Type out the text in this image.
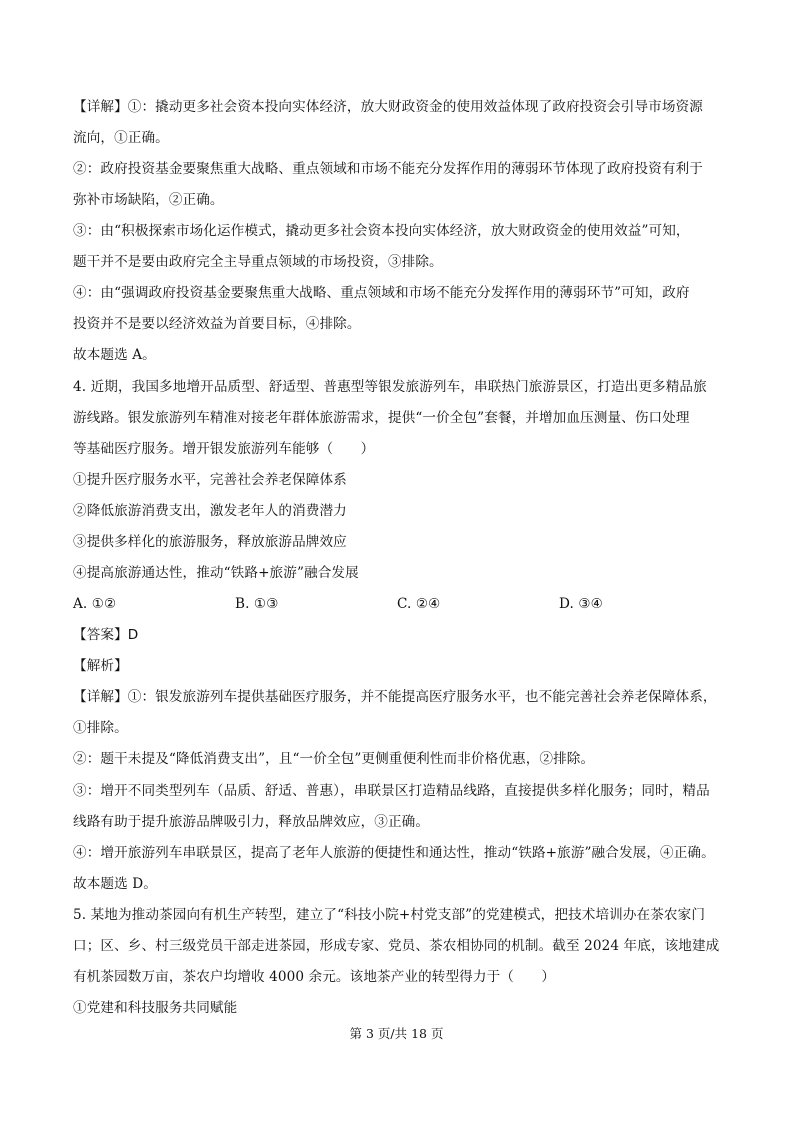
【详解】①：撬动更多社会资本投向实体经济，放大财政资金的使用效益体现了政府投资会引导市场资源
流向，①正确。
②：政府投资基金要聚焦重大战略、重点领域和市场不能充分发挥作用的薄弱环节体现了政府投资有利于
弥补市场缺陷，②正确。
③：由“积极探索市场化运作模式，撬动更多社会资本投向实体经济，放大财政资金的使用效益”可知，
题干并不是要由政府完全主导重点领域的市场投资，③排除。
④：由“强调政府投资基金要聚焦重大战略、重点领域和市场不能充分发挥作用的薄弱环节”可知，政府
投资并不是要以经济效益为首要目标，④排除。
故本题选 A。
4. 近期，我国多地增开品质型、舒适型、普惠型等银发旅游列车，串联热门旅游景区，打造出更多精品旅
游线路。银发旅游列车精准对接老年群体旅游需求，提供“一价全包”套餐，并增加血压测量、伤口处理
等基础医疗服务。增开银发旅游列车能够（　　）
①提升医疗服务水平，完善社会养老保障体系
②降低旅游消费支出，激发老年人的消费潜力
③提供多样化的旅游服务，释放旅游品牌效应
④提高旅游通达性，推动“铁路+旅游”融合发展
A. ①②	B. ①③	C. ②④	D. ③④
【答案】D
【解析】
【详解】①：银发旅游列车提供基础医疗服务，并不能提高医疗服务水平，也不能完善社会养老保障体系，
①排除。
②：题干未提及“降低消费支出”，且“一价全包”更侧重便利性而非价格优惠，②排除。
③：增开不同类型列车（品质、舒适、普惠），串联景区打造精品线路，直接提供多样化服务；同时，精品
线路有助于提升旅游品牌吸引力，释放品牌效应，③正确。
④：增开旅游列车串联景区，提高了老年人旅游的便捷性和通达性，推动“铁路+旅游”融合发展，④正确。
故本题选 D。
5. 某地为推动茶园向有机生产转型，建立了“科技小院+村党支部”的党建模式，把技术培训办在茶农家门
口；区、乡、村三级党员干部走进茶园，形成专家、党员、茶农相协同的机制。截至 2024 年底，该地建成
有机茶园数万亩，茶农户均增收 4000 余元。该地茶产业的转型得力于（　　）
①党建和科技服务共同赋能
第 3 页/共 18 页
